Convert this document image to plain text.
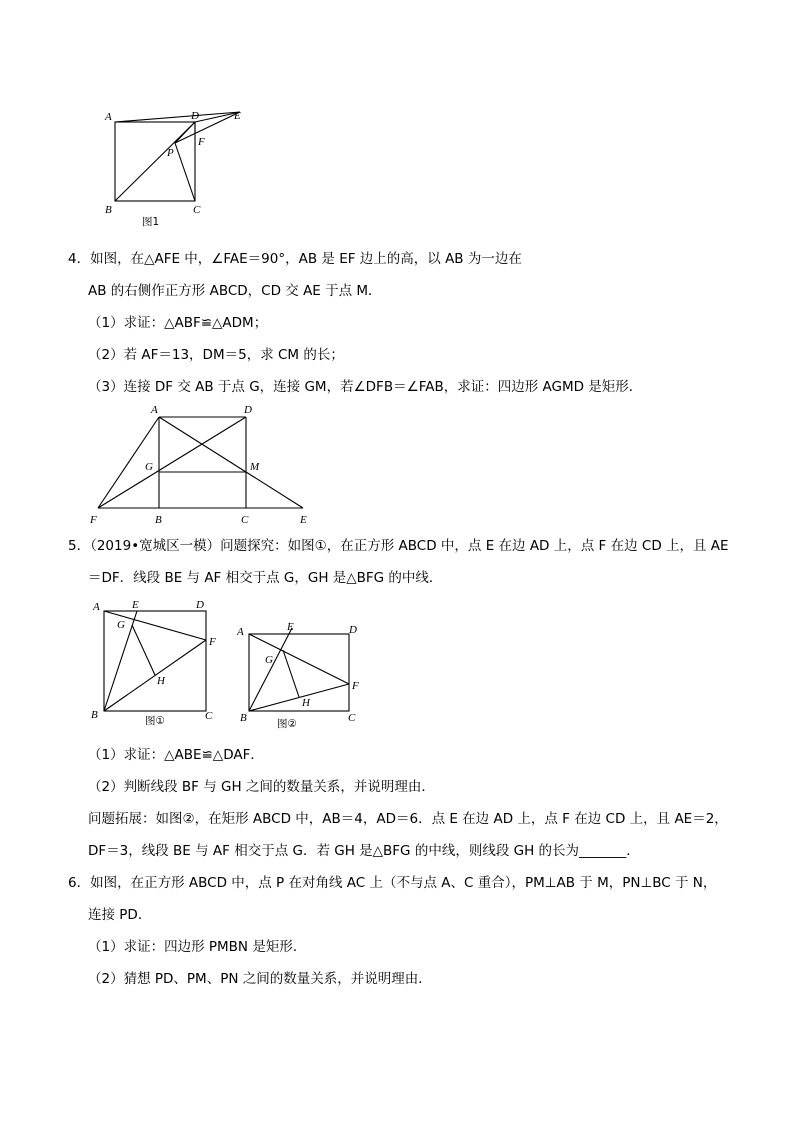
A	D	E
P
F
B	C
图1
4．如图，在△AFE 中，∠FAE＝90°，AB 是 EF 边上的高，以 AB 为一边在
AB 的右侧作正方形 ABCD，CD 交 AE 于点 M．
（1）求证：△ABF≌△ADM；
（2）若 AF＝13，DM＝5，求 CM 的长；
（3）连接 DF 交 AB 于点 G，连接 GM，若∠DFB＝∠FAB，求证：四边形 AGMD 是矩形．
A	D
G	M
F	B	C	E
5．（2019•宽城区一模）问题探究：如图①，在正方形 ABCD 中，点 E 在边 AD 上，点 F 在边 CD 上，且 AE
＝DF．线段 BE 与 AF 相交于点 G，GH 是△BFG 的中线．
A	E	D
G
F
H
B	C
图①
A	E	D
G
F
H
B	C
图②
（1）求证：△ABE≌△DAF．
（2）判断线段 BF 与 GH 之间的数量关系，并说明理由．
问题拓展：如图②，在矩形 ABCD 中，AB＝4，AD＝6．点 E 在边 AD 上，点 F 在边 CD 上，且 AE＝2，
DF＝3，线段 BE 与 AF 相交于点 G．若 GH 是△BFG 的中线，则线段 GH 的长为_______．
6．如图，在正方形 ABCD 中，点 P 在对角线 AC 上（不与点 A、C 重合），PM⊥AB 于 M，PN⊥BC 于 N，
连接 PD．
（1）求证：四边形 PMBN 是矩形．
（2）猜想 PD、PM、PN 之间的数量关系，并说明理由．
